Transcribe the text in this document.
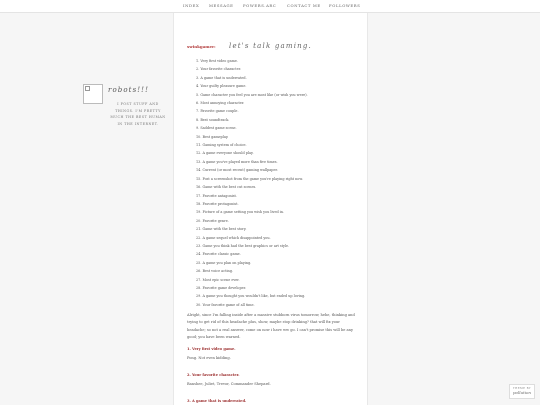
INDEX	MESSAGE POWERS.ARC	CONTACT ME FOLLOWERS
robots!!!
I POST STUFF AND THINGS. I'M PRETTY MUCH THE BEST HUMAN IN THE INTERNET.
let's talk gaming.
swinkgamer:
1. Very first video game.
2. Your favorite character.
3. A game that is underrated.
4. Your guilty pleasure game.
5. Game character you feel you are most like (or wish you were).
6. Most annoying character.
7. Favorite game couple.
8. Best soundtrack.
9. Saddest game scene.
10. Best gameplay.
11. Gaming system of choice.
12. A game everyone should play.
13. A game you've played more than five times.
14. Current (or most recent) gaming wallpaper.
15. Post a screenshot from the game you're playing right now.
16. Game with the best cut scenes.
17. Favorite antagonist.
18. Favorite protagonist.
19. Picture of a game setting you wish you lived in.
20. Favorite genre.
21. Game with the best story.
22. A game sequel which disappointed you.
23. Game you think had the best graphics or art style.
24. Favorite classic game.
25. A game you plan on playing.
26. Best voice acting.
27. Most epic scene ever.
28. Favorite game developer.
29. A game you thought you wouldn't like, but ended up loving.
30. Your favorite game of all time.
Alright, since I'm falling inside after a massive stubborn virus tomorrow, hehe, thinking and trying to get rid of this headache plus, show, maybe stop drinking? that will fix your headache; so not a real answer, come on now i have ww go. I can't promise this will be any good; you have been warned.
1. Very first video game.
Pong. Not even kidding.
2. Your favorite character.
Banshee, Juliet, Trevor, Commander Shepard.
3. A game that is underrated.
THEME BY
pollution
